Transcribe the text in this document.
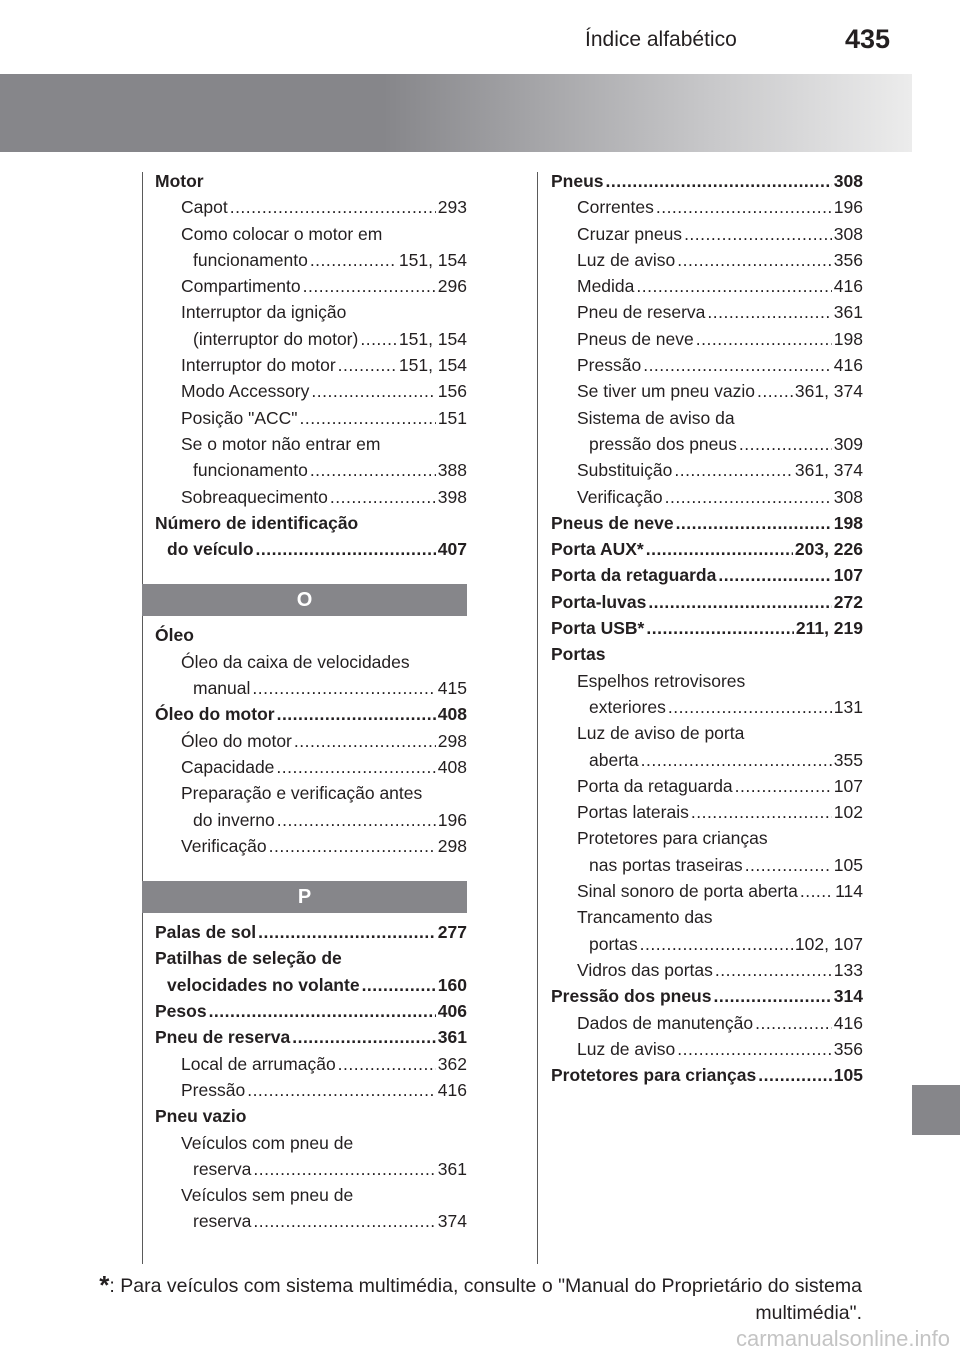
Índice alfabético	435
Motor
Capot .....	293
Como colocar o motor em
funcionamento .....	151, 154
Compartimento .....	296
Interruptor da ignição
(interruptor do motor) ..... 151, 154
Interruptor do motor .....	151, 154
Modo Accessory .....	156
Posição "ACC" .....	151
Se o motor não entrar em
funcionamento .....	388
Sobreaquecimento .....	398
Número de identificação
do veículo .....	407
O
Óleo
Óleo da caixa de velocidades
manual .....	415
Óleo do motor .....	408
Óleo do motor .....	298
Capacidade .....	408
Preparação e verificação antes
do inverno .....	196
Verificação .....	298
P
Palas de sol .....	277
Patilhas de seleção de
velocidades no volante .....	160
Pesos .....	406
Pneu de reserva .....	361
Local de arrumação .....	362
Pressão .....	416
Pneu vazio
Veículos com pneu de
reserva .....	361
Veículos sem pneu de
reserva .....	374
Pneus .....	308
Correntes .....	196
Cruzar pneus .....	308
Luz de aviso .....	356
Medida .....	416
Pneu de reserva .....	361
Pneus de neve .....	198
Pressão .....	416
Se tiver um pneu vazio ..... 361, 374
Sistema de aviso da
pressão dos pneus .....	309
Substituição .....	361, 374
Verificação .....	308
Pneus de neve .....	198
Porta AUX* .....	203, 226
Porta da retaguarda .....	107
Porta-luvas .....	272
Porta USB* .....	211, 219
Portas
Espelhos retrovisores
exteriores .....	131
Luz de aviso de porta
aberta .....	355
Porta da retaguarda .....	107
Portas laterais .....	102
Protetores para crianças
nas portas traseiras .....	105
Sinal sonoro de porta aberta ..... 114
Trancamento das
portas .....	102, 107
Vidros das portas .....	133
Pressão dos pneus .....	314
Dados de manutenção .....	416
Luz de aviso .....	356
Protetores para crianças .....	105
*: Para veículos com sistema multimédia, consulte o "Manual do Proprietário do sistema multimédia".
carmanualsonline.info
